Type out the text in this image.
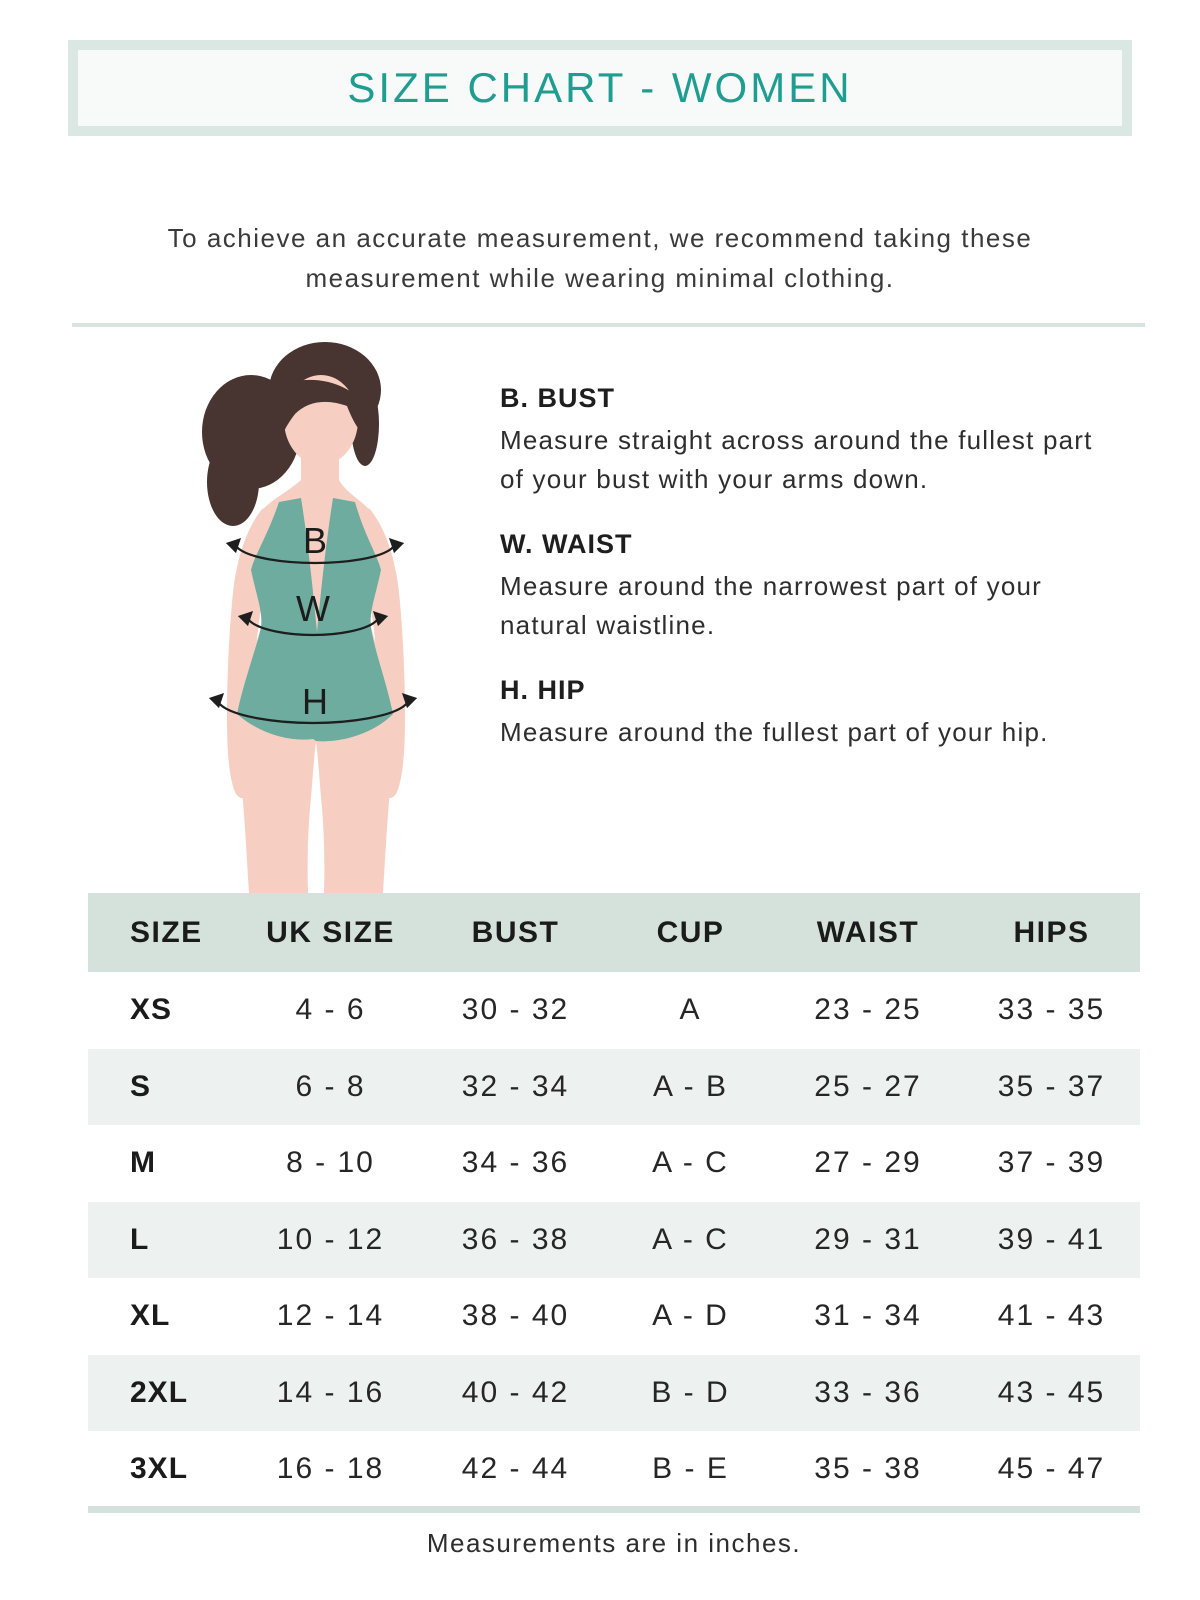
SIZE CHART - WOMEN
To achieve an accurate measurement, we recommend taking these measurement while wearing minimal clothing.
B
W
H

B. BUST

Measure straight across around the fullest part of your bust with your arms down.

W. WAIST

Measure around the narrowest part of your natural waistline.

H. HIP

Measure around the fullest part of your hip.

SIZE	UK SIZE	BUST	CUP	WAIST	HIPS
XS	4 - 6	30 - 32	A	23 - 25	33 - 35
S	6 - 8	32 - 34	A - B	25 - 27	35 - 37
M	8 - 10	34 - 36	A - C	27 - 29	37 - 39
L	10 - 12	36 - 38	A - C	29 - 31	39 - 41
XL	12 - 14	38 - 40	A - D	31 - 34	41 - 43
2XL	14 - 16	40 - 42	B - D	33 - 36	43 - 45
3XL	16 - 18	42 - 44	B - E	35 - 38	45 - 47
Measurements are in inches.
